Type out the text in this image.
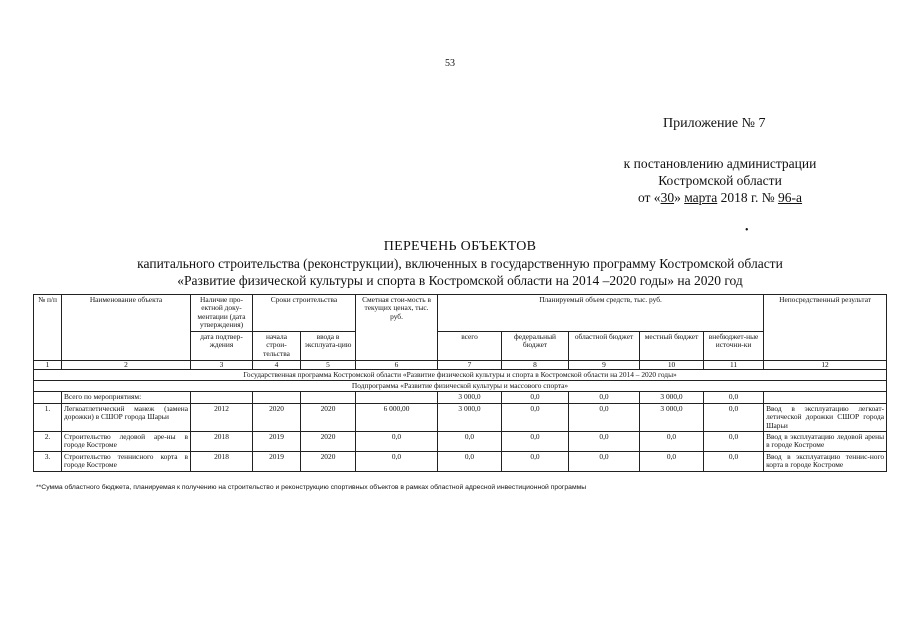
53
Приложение № 7
к постановлению администрации
Костромской области
от «30» марта 2018 г. № 96-а
•
ПЕРЕЧЕНЬ ОБЪЕКТОВ
капитального строительства (реконструкции), включенных в государственную программу Костромской области
«Развитие физической культуры и спорта в Костромской области на 2014 –2020 годы» на 2020 год
№ п/п	Наименование объекта	Наличие про-ектной доку-ментации (дата утверждения)	Сроки строительства		Сметная стои-мость в текущих ценах, тыс. руб.	Планируемый объем средств, тыс. руб.					Непосредственный результат
		дата подтвер-ждения	начала строи-тельства	ввода в эксплуата-цию		всего	федеральный бюджет	областной бюджет	местный бюджет	внебюджет-ные источни-ки	
1	2	3	4	5	6	7	8	9	10	11	12
Государственная программа Костромской области «Развитие физической культуры и спорта в Костромской области на 2014 – 2020 годы»											
Подпрограмма «Развитие физической культуры и массового спорта»											
	Всего по мероприятиям:					3 000,0	0,0	0,0	3 000,0	0,0	
1.	Легкоатлетический манеж (замена дорожки) в СШОР города Шарьи	2012	2020	2020	6 000,00	3 000,0	0,0	0,0	3 000,0	0,0	Ввод в эксплуатацию легкоат-летической дорожки СШОР города Шарьи
2.	Строительство ледовой аре-ны в городе Костроме	2018	2019	2020	0,0	0,0	0,0	0,0	0,0	0,0	Ввод в эксплуатацию ледовой арены в городе Костроме
3.	Строительство теннисного корта в городе Костроме	2018	2019	2020	0,0	0,0	0,0	0,0	0,0	0,0	Ввод в эксплуатацию теннис-ного корта в городе Костроме
**Сумма областного бюджета, планируемая к получению на строительство и реконструкцию спортивных объектов в рамках областной адресной инвестиционной программы
